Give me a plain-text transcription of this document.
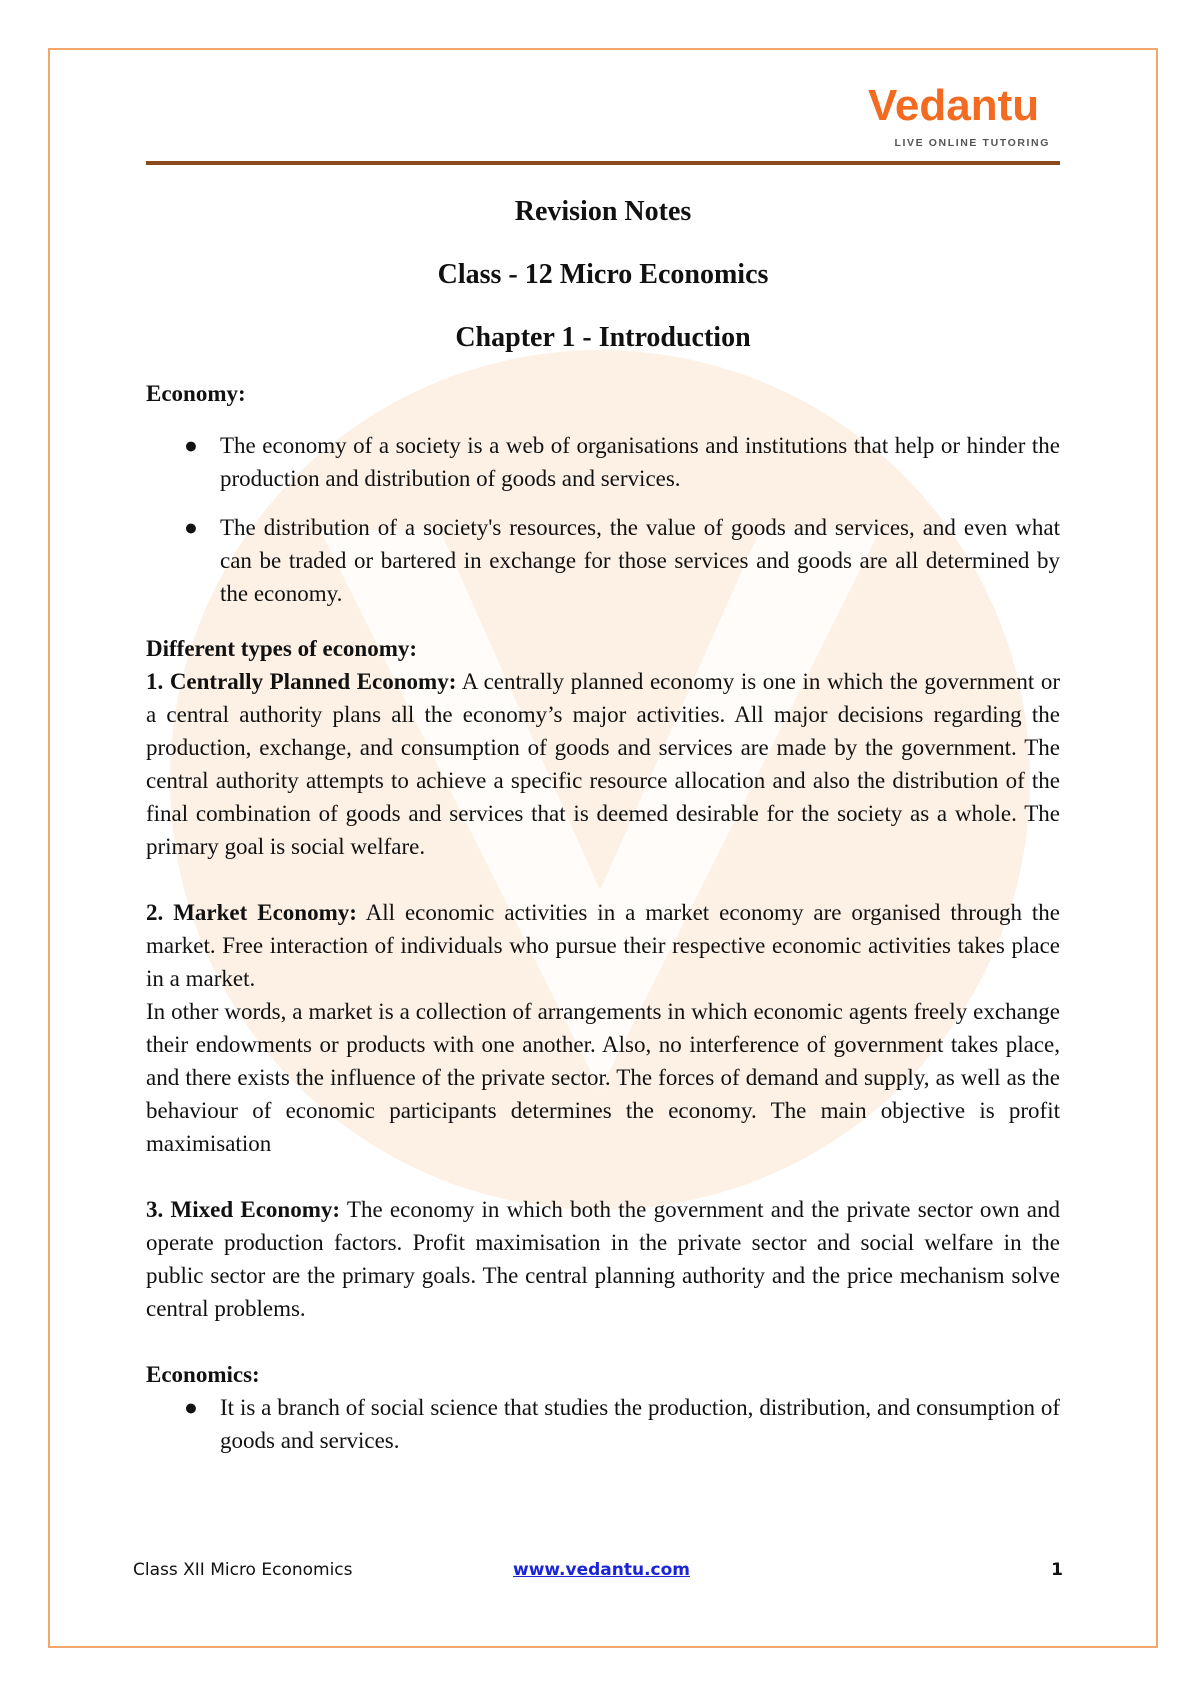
Vedantu
LIVE ONLINE TUTORING
Revision Notes
Class - 12 Micro Economics
Chapter 1 - Introduction
Economy:
● The economy of a society is a web of organisations and institutions that help or hinder the production and distribution of goods and services.
● The distribution of a society's resources, the value of goods and services, and even what can be traded or bartered in exchange for those services and goods are all determined by the economy.
Different types of economy:

1. Centrally Planned Economy: A centrally planned economy is one in which the government or a central authority plans all the economy’s major activities. All major decisions regarding the production, exchange, and consumption of goods and services are made by the government. The central authority attempts to achieve a specific resource allocation and also the distribution of the final combination of goods and services that is deemed desirable for the society as a whole. The primary goal is social welfare.

2. Market Economy: All economic activities in a market economy are organised through the market. Free interaction of individuals who pursue their respective economic activities takes place in a market.

In other words, a market is a collection of arrangements in which economic agents freely exchange their endowments or products with one another. Also, no interference of government takes place, and there exists the influence of the private sector. The forces of demand and supply, as well as the behaviour of economic participants determines the economy. The main objective is profit maximisation

3. Mixed Economy: The economy in which both the government and the private sector own and operate production factors. Profit maximisation in the private sector and social welfare in the public sector are the primary goals. The central planning authority and the price mechanism solve central problems.

Economics:
● It is a branch of social science that studies the production, distribution, and consumption of goods and services.
Class XII Micro Economics	www.vedantu.com	1
